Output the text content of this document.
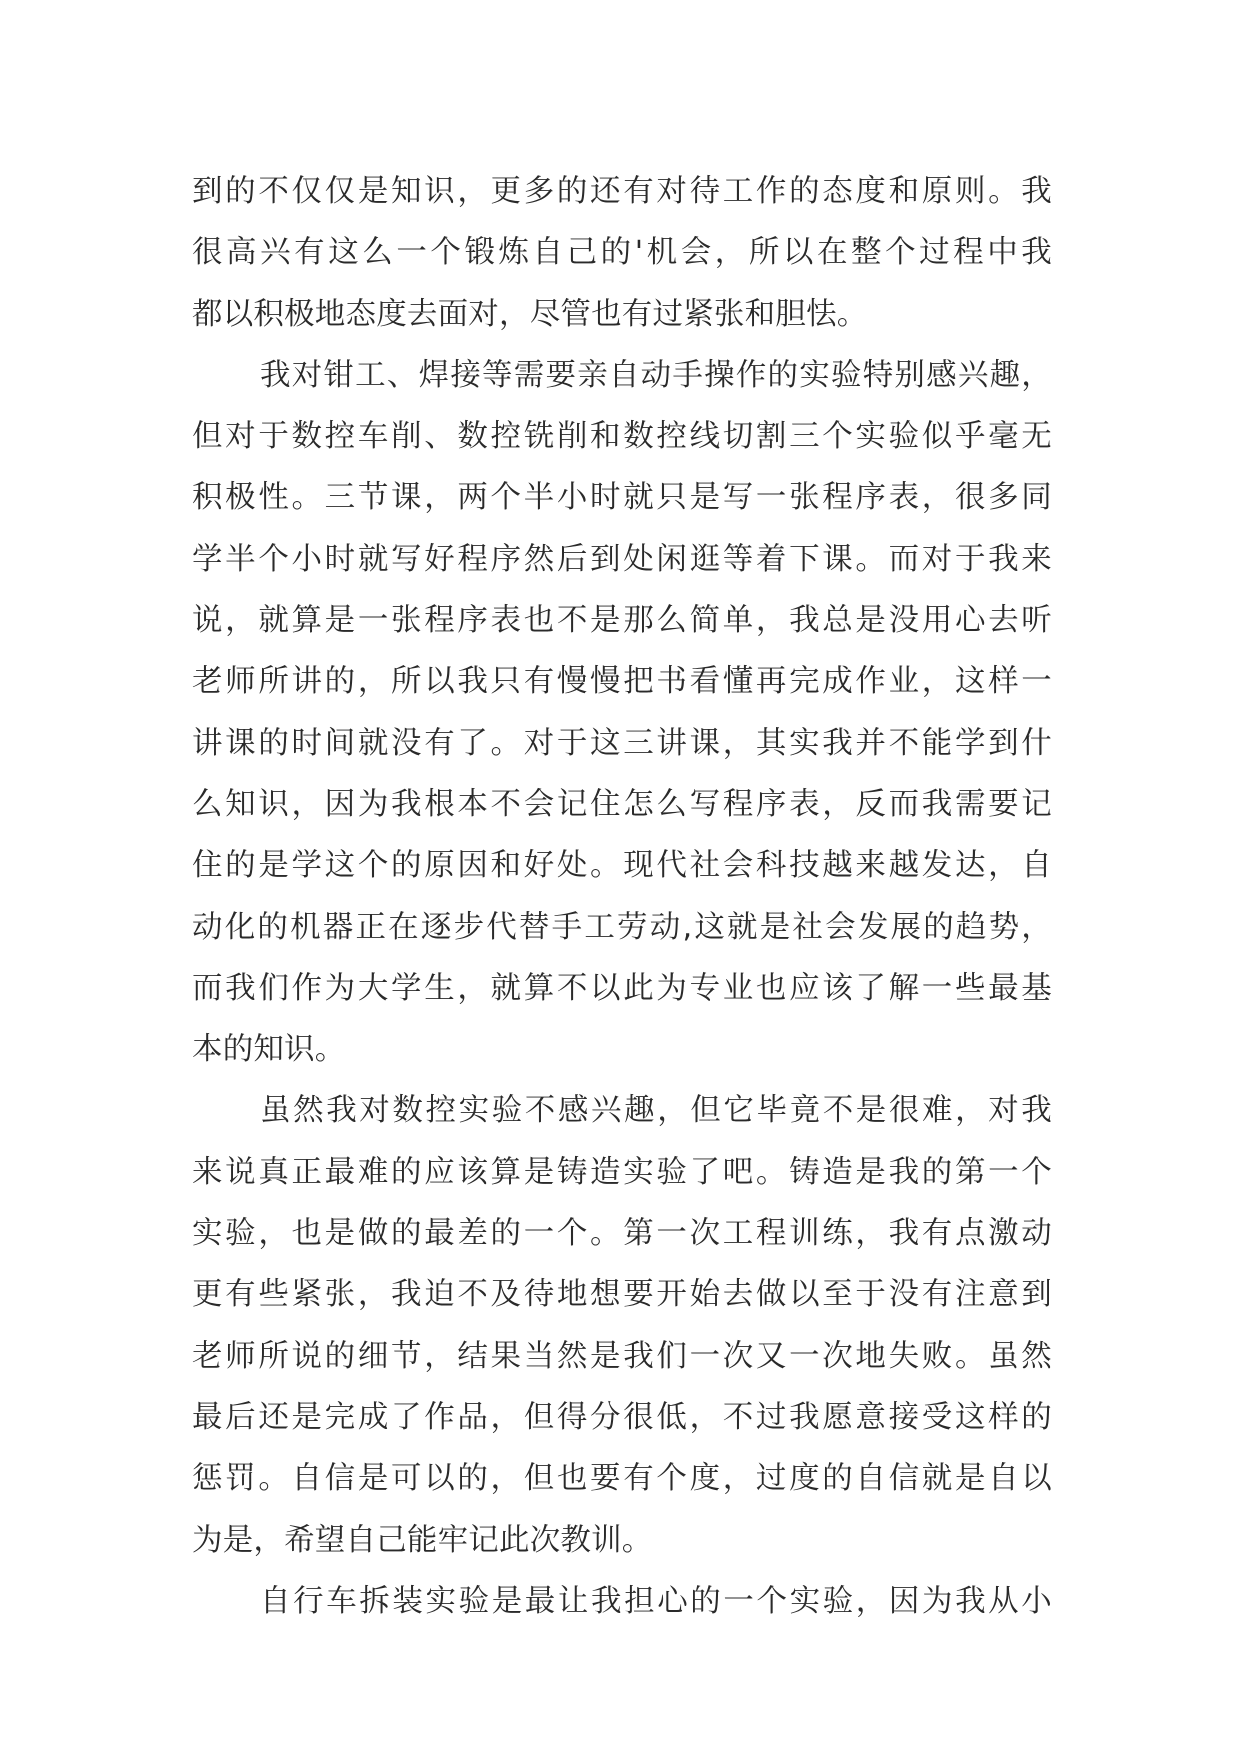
到的不仅仅是知识，更多的还有对待工作的态度和原则。我
很高兴有这么一个锻炼自己的'机会，所以在整个过程中我
都以积极地态度去面对，尽管也有过紧张和胆怯。
我对钳工、焊接等需要亲自动手操作的实验特别感兴趣，
但对于数控车削、数控铣削和数控线切割三个实验似乎毫无
积极性。三节课，两个半小时就只是写一张程序表，很多同
学半个小时就写好程序然后到处闲逛等着下课。而对于我来
说，就算是一张程序表也不是那么简单，我总是没用心去听
老师所讲的，所以我只有慢慢把书看懂再完成作业，这样一
讲课的时间就没有了。对于这三讲课，其实我并不能学到什
么知识，因为我根本不会记住怎么写程序表，反而我需要记
住的是学这个的原因和好处。现代社会科技越来越发达，自
动化的机器正在逐步代替手工劳动,这就是社会发展的趋势，
而我们作为大学生，就算不以此为专业也应该了解一些最基
本的知识。
虽然我对数控实验不感兴趣，但它毕竟不是很难，对我
来说真正最难的应该算是铸造实验了吧。铸造是我的第一个
实验，也是做的最差的一个。第一次工程训练，我有点激动
更有些紧张，我迫不及待地想要开始去做以至于没有注意到
老师所说的细节，结果当然是我们一次又一次地失败。虽然
最后还是完成了作品，但得分很低，不过我愿意接受这样的
惩罚。自信是可以的，但也要有个度，过度的自信就是自以
为是，希望自己能牢记此次教训。
自行车拆装实验是最让我担心的一个实验，因为我从小
